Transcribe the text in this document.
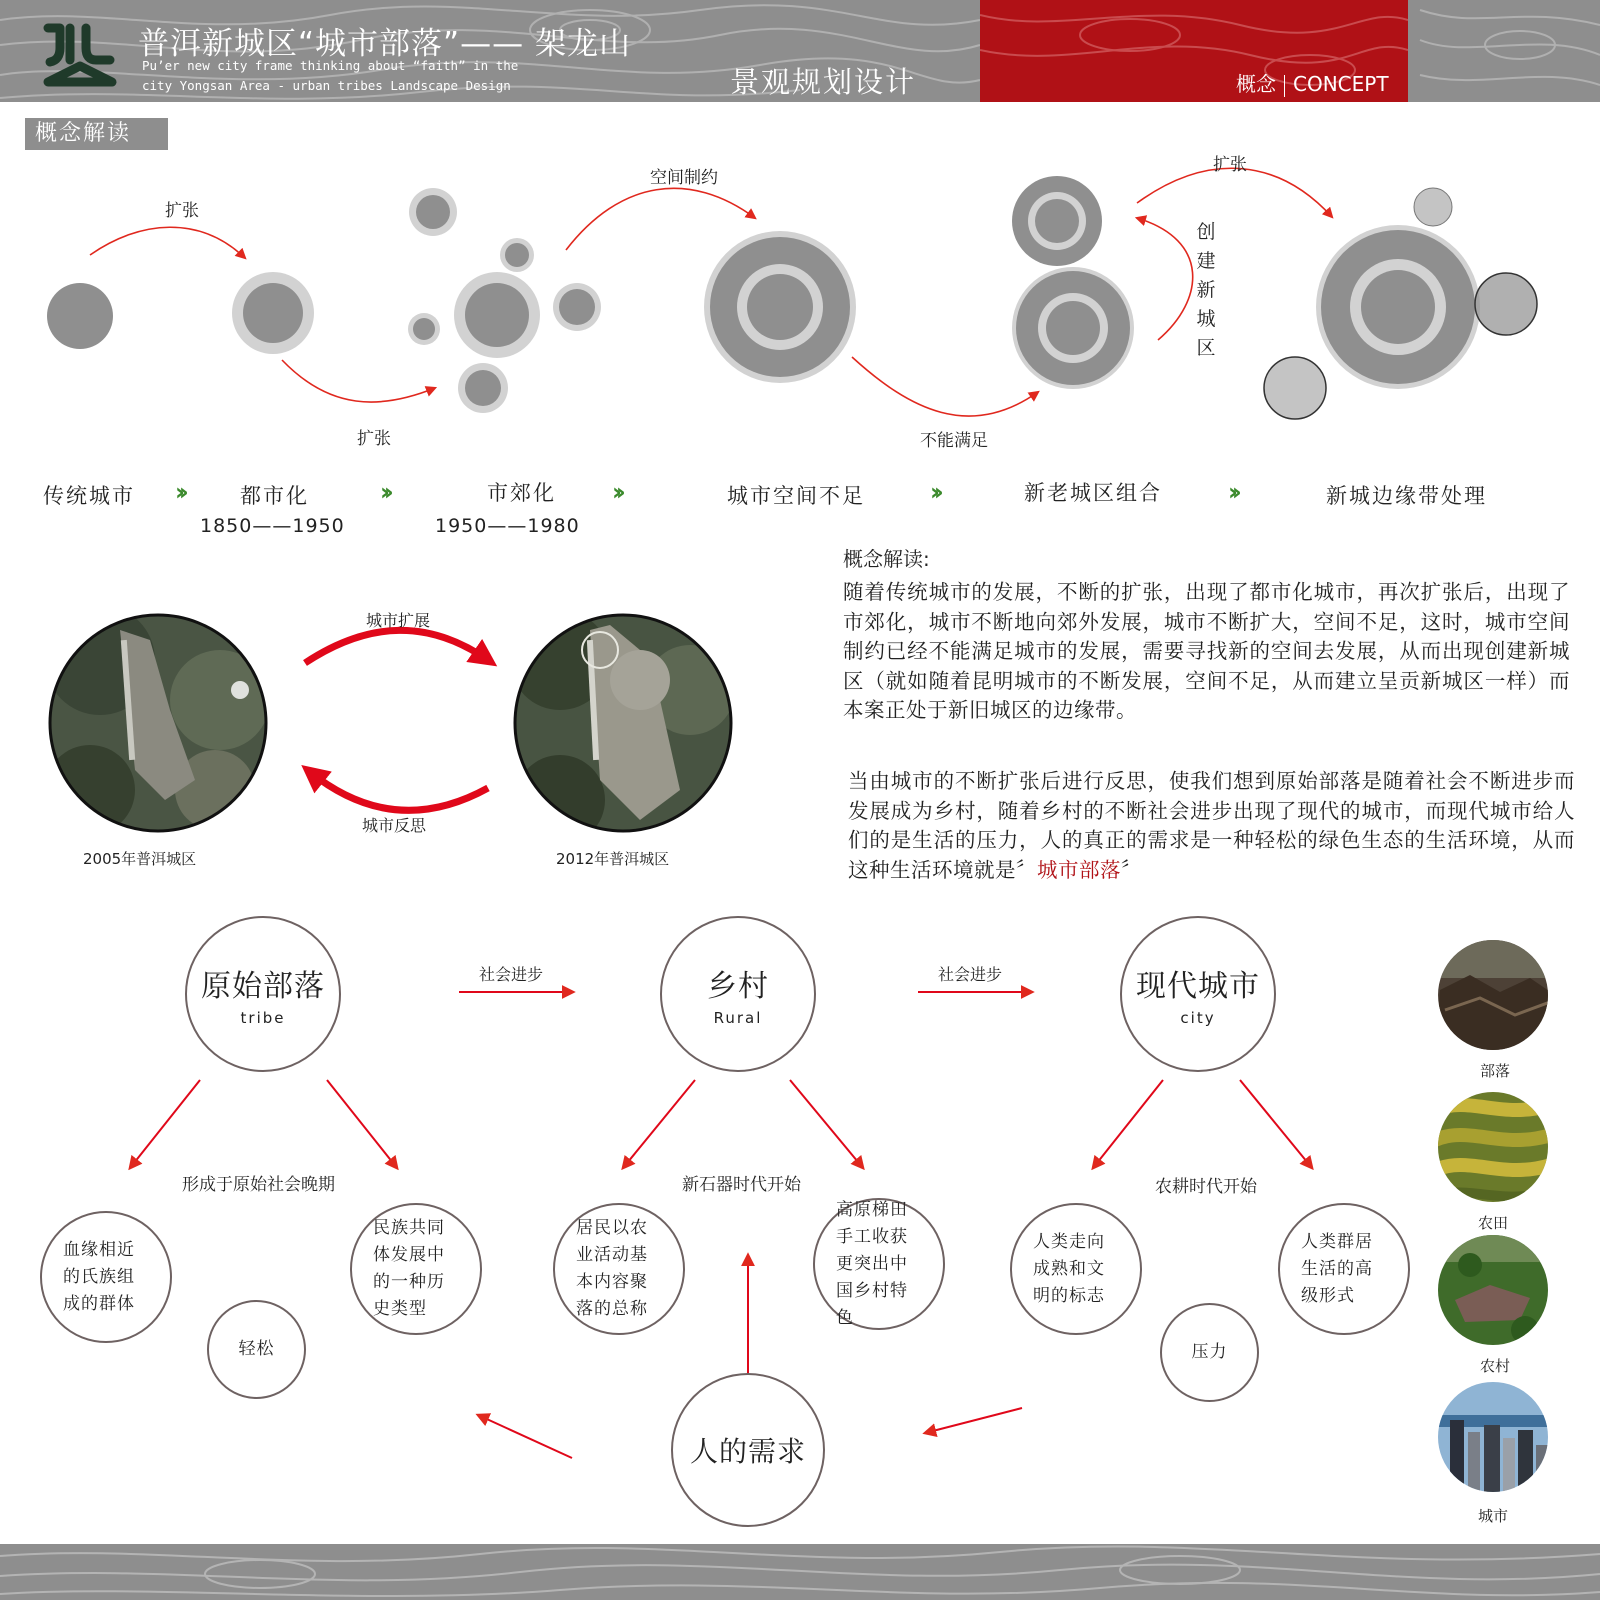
普洱新城区“城市部落”—— 架龙山
Pu’er new city frame thinking about “faith” in the
city Yongsan Area - urban tribes Landscape Design	景观规划设计	概念 CONCEPT
概念解读
扩张
扩张
空间制约
不能满足
扩张
创建新城区
传统城市 ››	都市化	››	市郊化 ››	城市空间不足	››	新老城区组合	››	新城边缘带处理
1850——1950	1950——1980
城市扩展
城市反思
2005年普洱城区	2012年普洱城区
概念解读:
随着传统城市的发展，不断的扩张，出现了都市化城市，再次扩张后，出现了市郊化，城市不断地向郊外发展，城市不断扩大，空间不足，这时，城市空间制约已经不能满足城市的发展，需要寻找新的空间去发展，从而出现创建新城区（就如随着昆明城市的不断发展，空间不足，从而建立呈贡新城区一样）而本案正处于新旧城区的边缘带。
当由城市的不断扩张后进行反思，使我们想到原始部落是随着社会不断进步而发展成为乡村，随着乡村的不断社会进步出现了现代的城市，而现代城市给人们的是生活的压力，人的真正的需求是一种轻松的绿色生态的生活环境，从而这种生活环境就是〞城市部落〞
原始部落
tribe
乡村
Rural
现代城市
city
社会进步	社会进步
形成于原始社会晚期	新石器时代开始	农耕时代开始
血缘相近的氏族组成的群体
民族共同体发展中的一种历史类型
轻松
居民以农业活动基本内容聚落的总称
高原梯田手工收获更突出中国乡村特色
人类走向成熟和文明的标志
人类群居生活的高级形式
压力
人的需求
部落
农田
农村
城市
